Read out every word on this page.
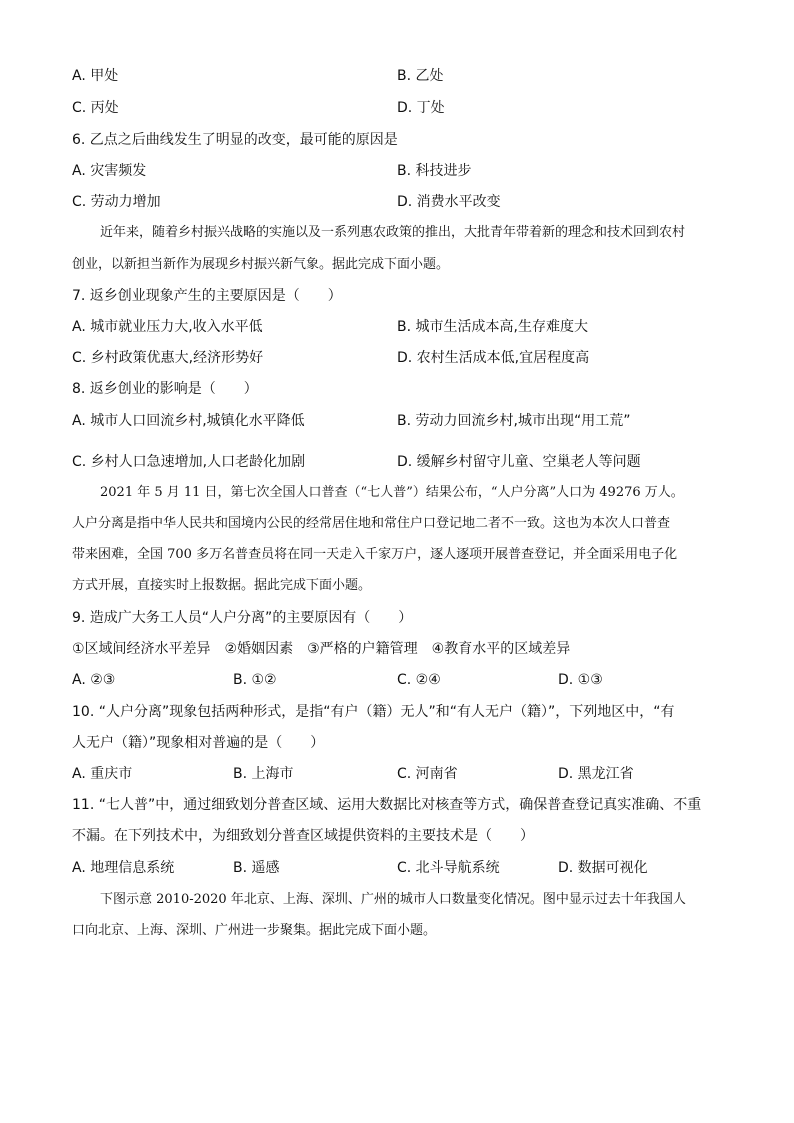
A. 甲处	B. 乙处
C. 丙处	D. 丁处
6. 乙点之后曲线发生了明显的改变，最可能的原因是
A. 灾害频发	B. 科技进步
C. 劳动力增加	D. 消费水平改变
近年来，随着乡村振兴战略的实施以及一系列惠农政策的推出，大批青年带着新的理念和技术回到农村
创业，以新担当新作为展现乡村振兴新气象。据此完成下面小题。
7. 返乡创业现象产生的主要原因是（　　）
A. 城市就业压力大,收入水平低	B. 城市生活成本高,生存难度大
C. 乡村政策优惠大,经济形势好	D. 农村生活成本低,宜居程度高
8. 返乡创业的影响是（　　）
A. 城市人口回流乡村,城镇化水平降低	B. 劳动力回流乡村,城市出现“用工荒”
C. 乡村人口急速增加,人口老龄化加剧	D. 缓解乡村留守儿童、空巢老人等问题
2021 年 5 月 11 日，第七次全国人口普查（“七人普”）结果公布，“人户分离”人口为 49276 万人。
人户分离是指中华人民共和国境内公民的经常居住地和常住户口登记地二者不一致。这也为本次人口普查
带来困难，全国 700 多万名普查员将在同一天走入千家万户，逐人逐项开展普查登记，并全面采用电子化
方式开展，直接实时上报数据。据此完成下面小题。
9. 造成广大务工人员“人户分离”的主要原因有（　　）
①区域间经济水平差异　②婚姻因素　③严格的户籍管理　④教育水平的区域差异
A. ②③	B. ①②	C. ②④	D. ①③
10. “人户分离”现象包括两种形式，是指“有户（籍）无人”和“有人无户（籍）”，下列地区中，“有
人无户（籍）”现象相对普遍的是（　　）
A. 重庆市	B. 上海市	C. 河南省	D. 黑龙江省
11. “七人普”中，通过细致划分普查区域、运用大数据比对核查等方式，确保普查登记真实准确、不重
不漏。在下列技术中，为细致划分普查区域提供资料的主要技术是（　　）
A. 地理信息系统	B. 遥感	C. 北斗导航系统	D. 数据可视化
下图示意 2010-2020 年北京、上海、深圳、广州的城市人口数量变化情况。图中显示过去十年我国人
口向北京、上海、深圳、广州进一步聚集。据此完成下面小题。
